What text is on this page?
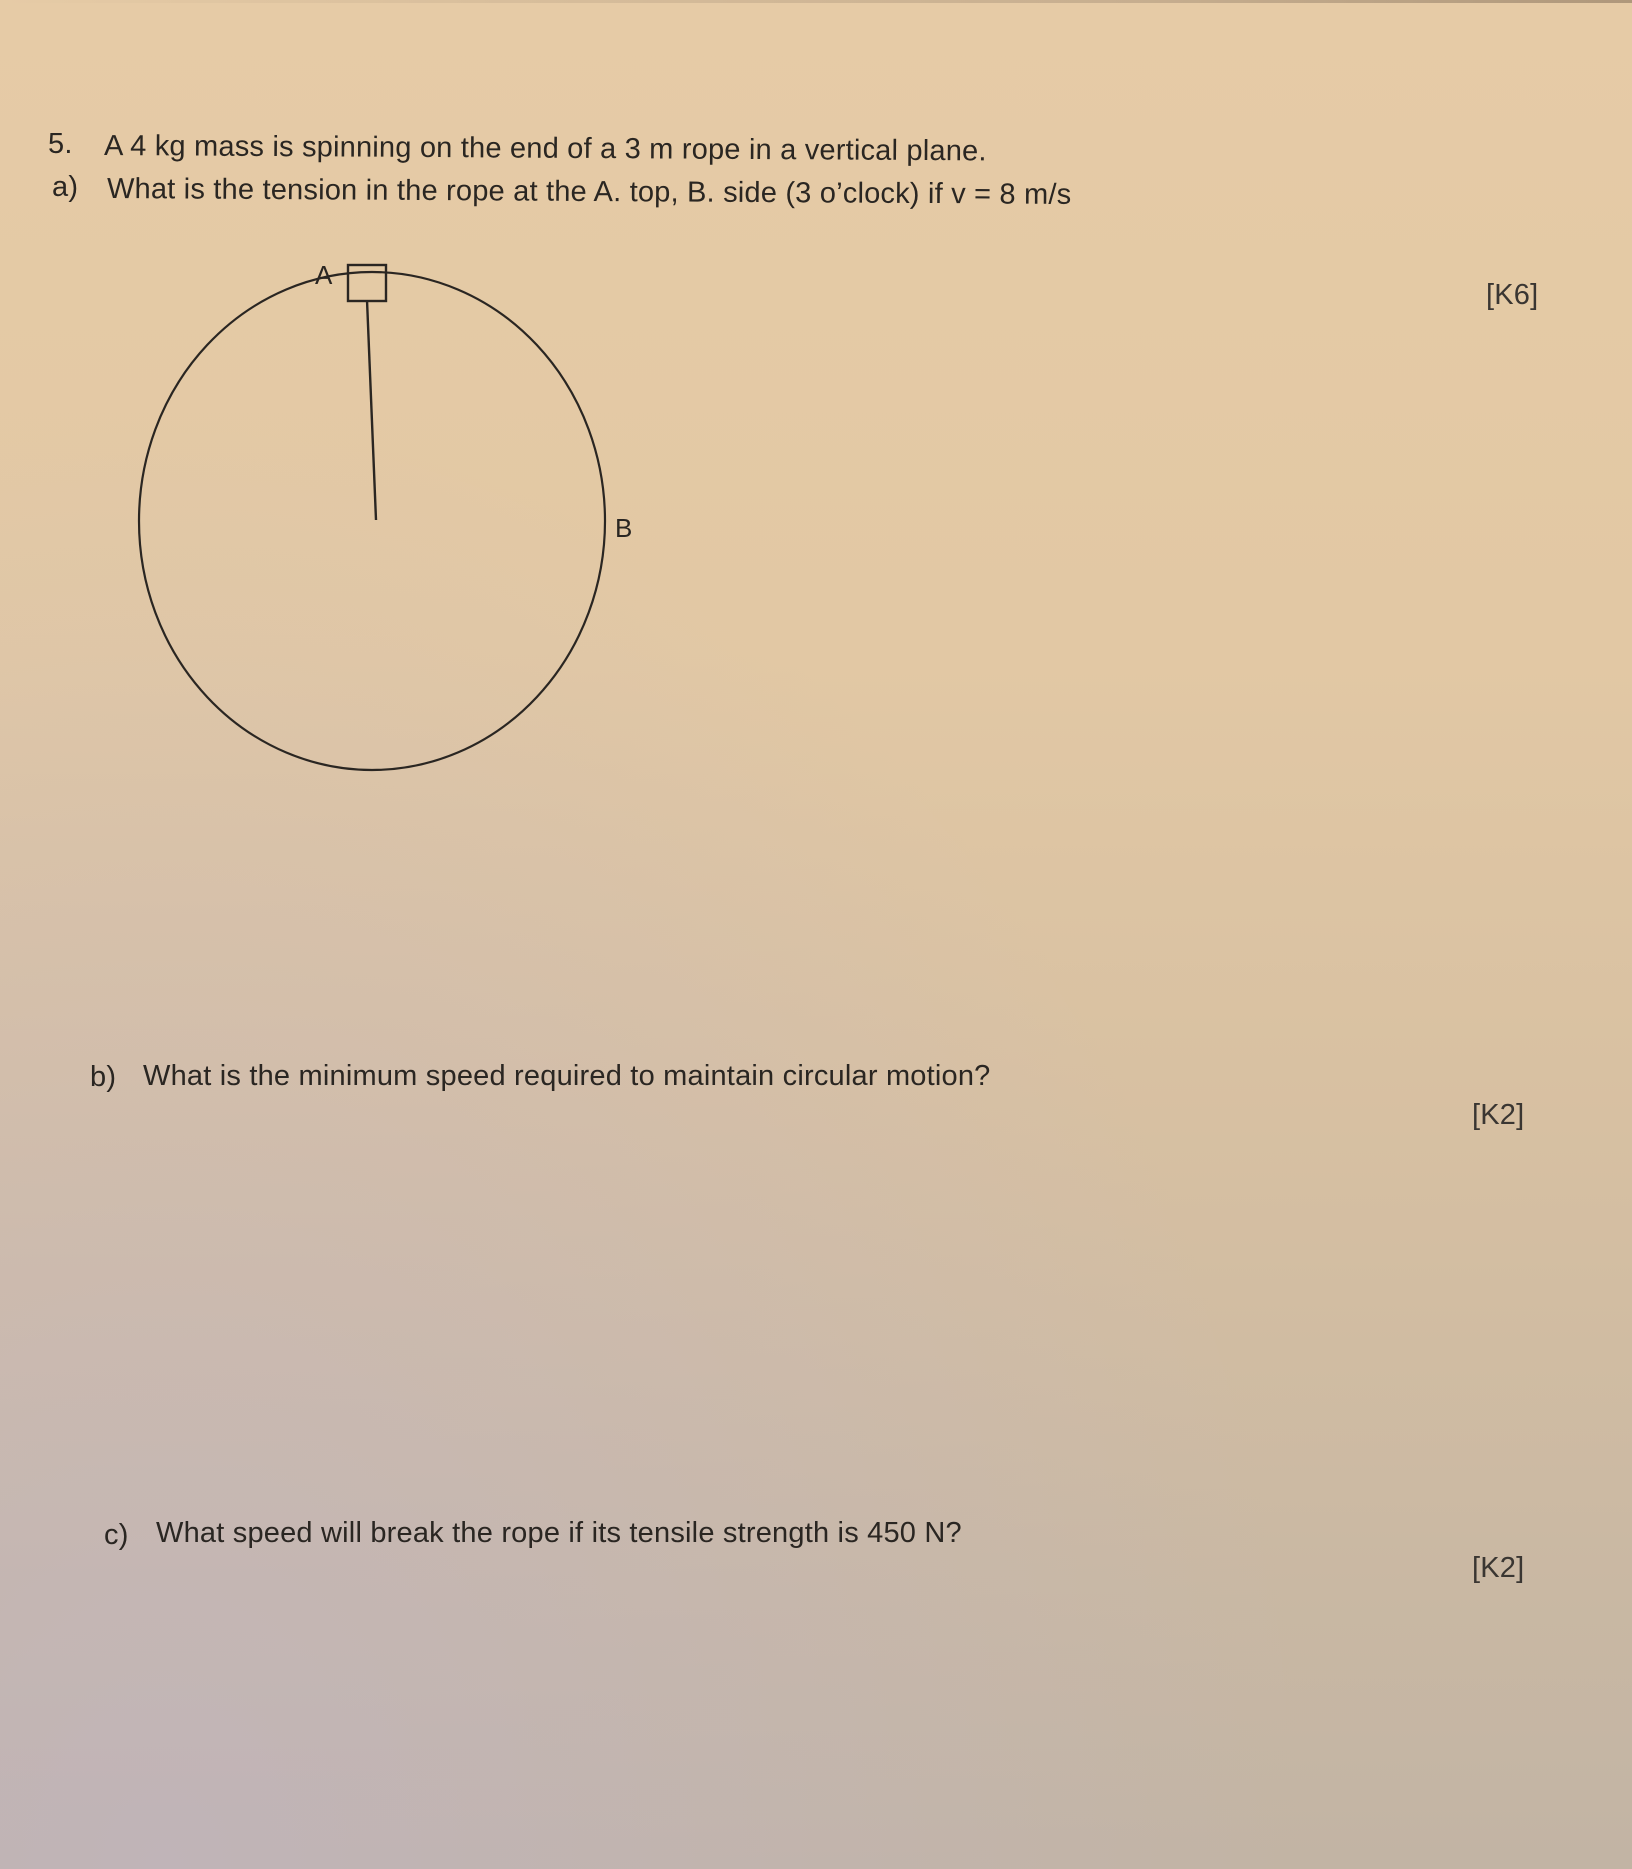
5. A 4 kg mass is spinning on the end of a 3 m rope in a vertical plane.
a) What is the tension in the rope at the A. top, B. side (3 o’clock) if v = 8 m/s
[K6]
A
B
b) What is the minimum speed required to maintain circular motion?
[K2]
c) What speed will break the rope if its tensile strength is 450 N?
[K2]
